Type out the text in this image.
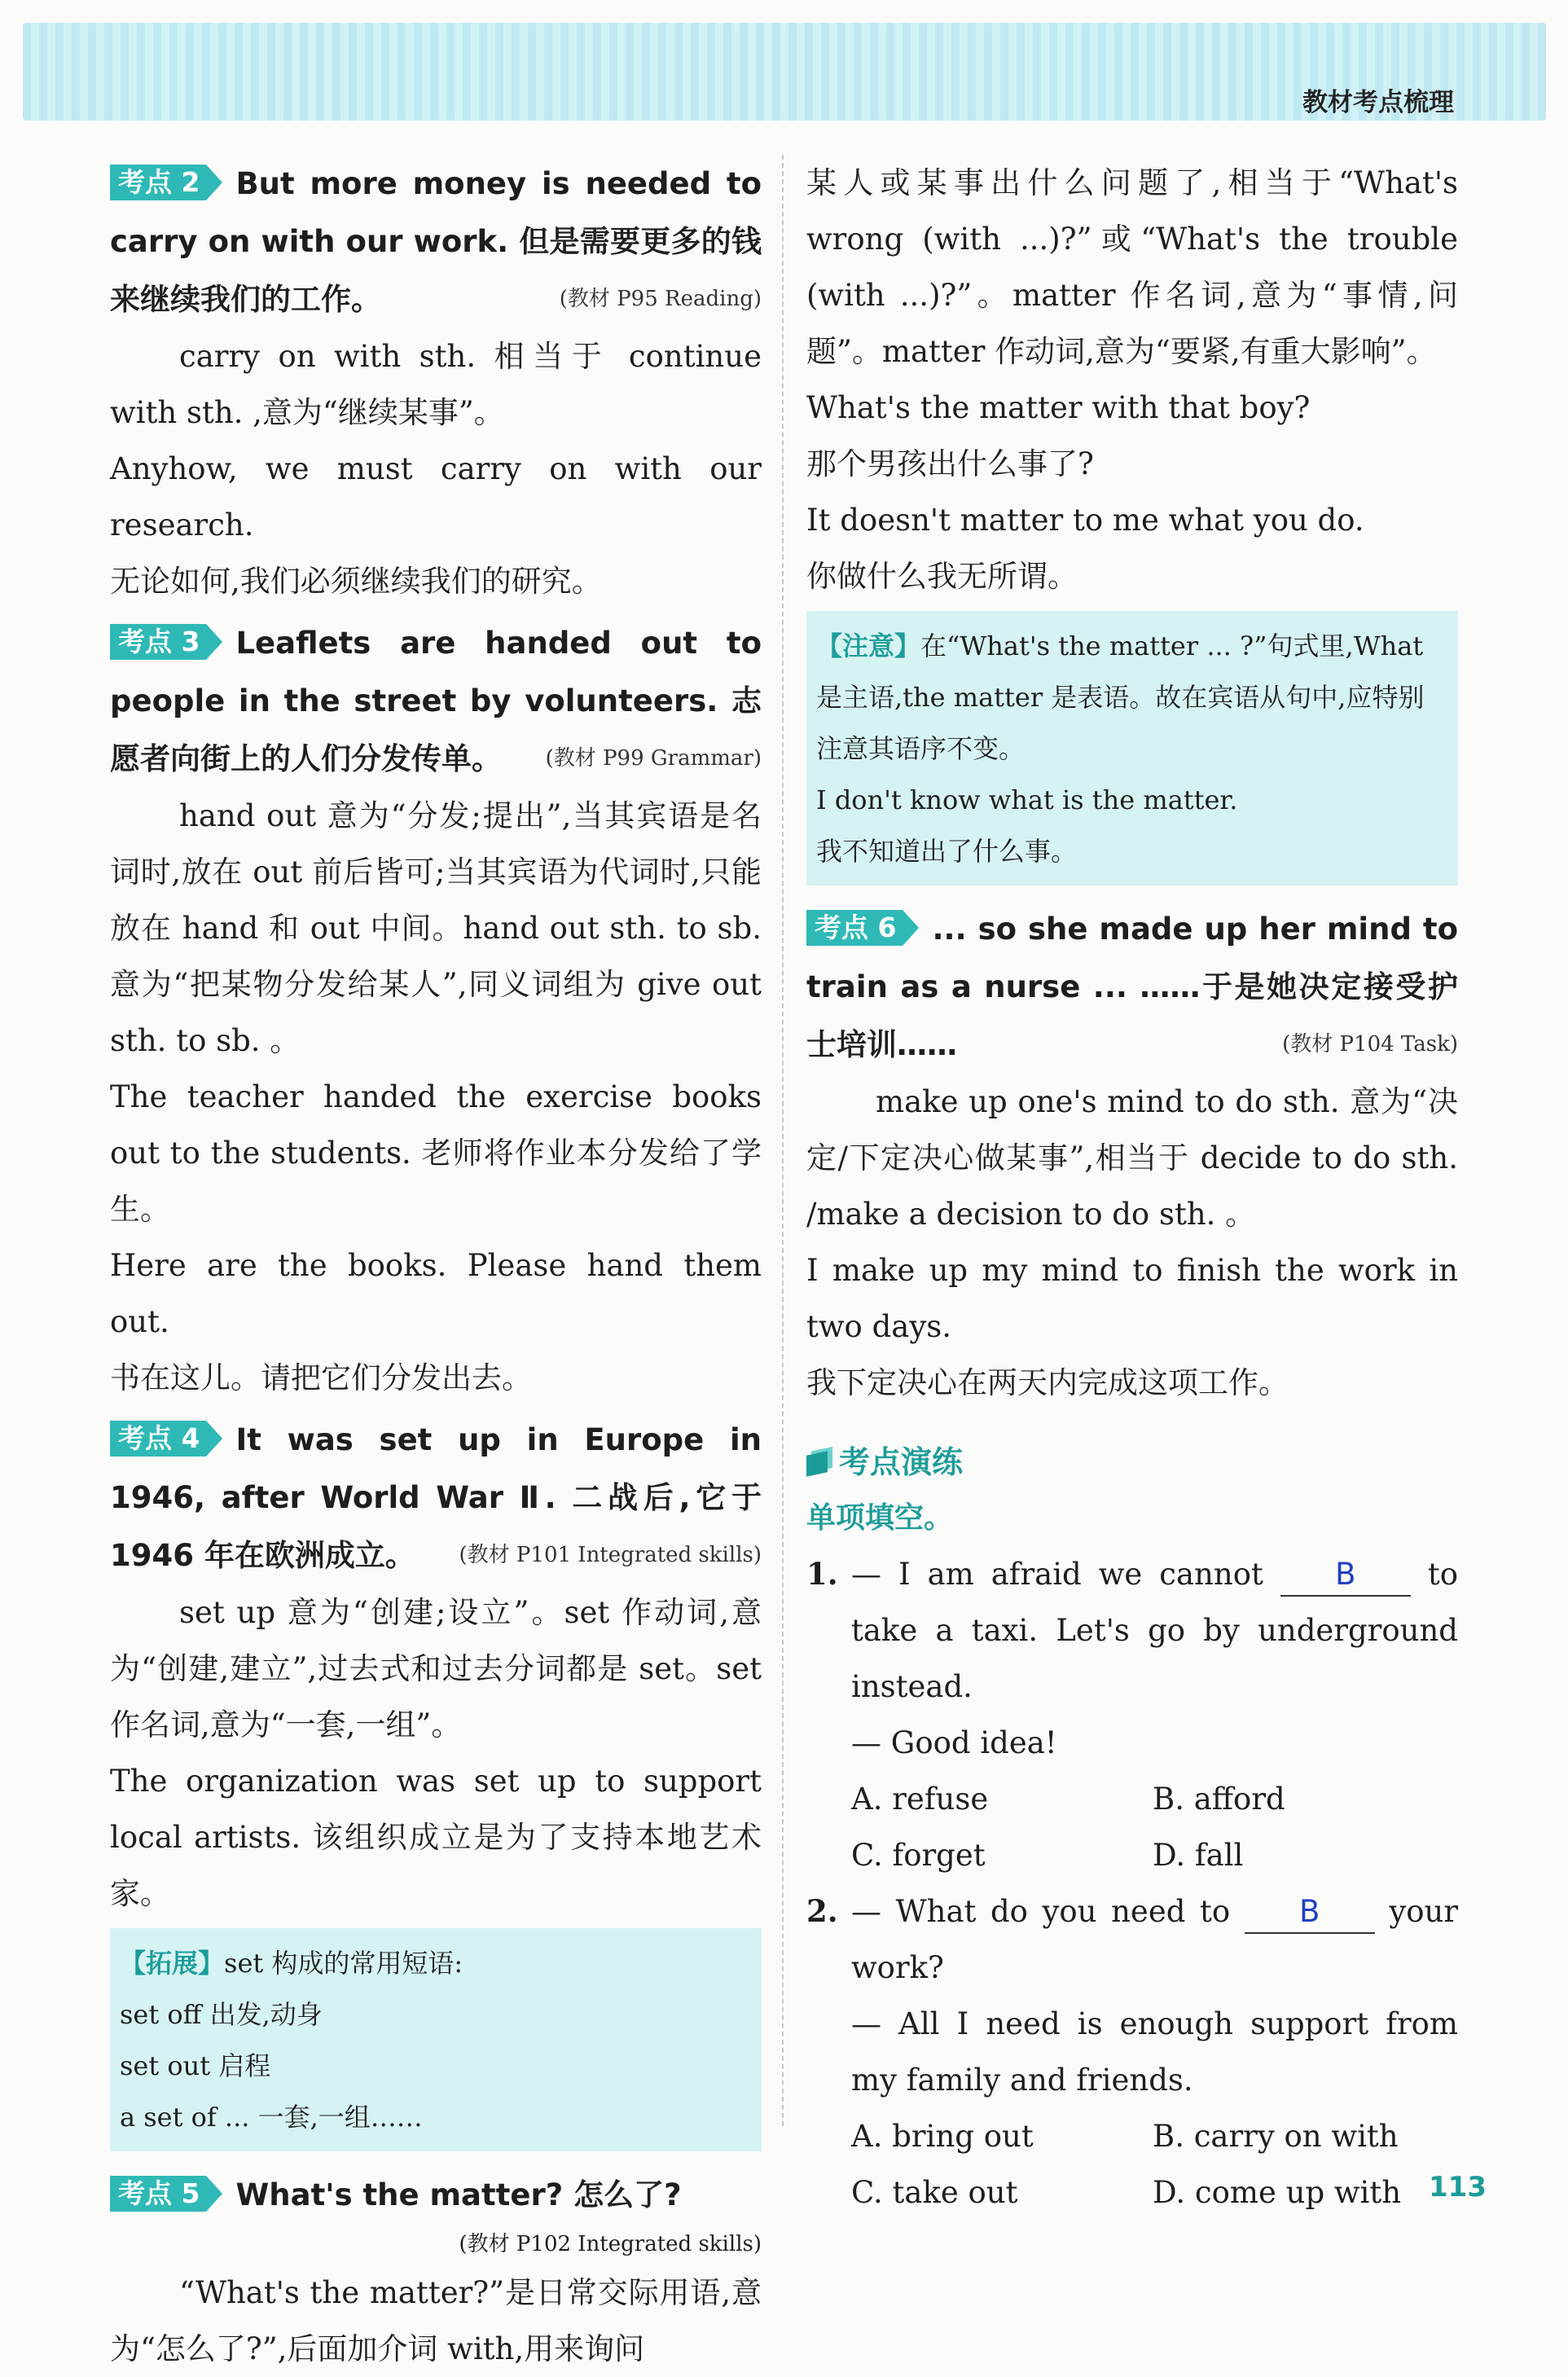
教材考点梳理

考点 2 But more money is needed to carry on with our work. 但是需要更多的钱来继续我们的工作。	(教材 P95 Reading)

carry on with sth. 相当于 continue with sth. ,意为“继续某事”。

Anyhow, we must carry on with our research.

无论如何,我们必须继续我们的研究。

考点 3 Leaflets are handed out to people in the street by volunteers. 志愿者向街上的人们分发传单。 (教材 P99 Grammar)

hand out 意为“分发;提出”,当其宾语是名词时,放在 out 前后皆可;当其宾语为代词时,只能放在 hand 和 out 中间。hand out sth. to sb. 意为“把某物分发给某人”,同义词组为 give out sth. to sb. 。

The teacher handed the exercise books out to the students. 老师将作业本分发给了学生。

Here are the books. Please hand them out.

书在这儿。请把它们分发出去。

考点 4 It was set up in Europe in 1946, after World War Ⅱ. 二战后,它于 1946 年在欧洲成立。 (教材 P101 Integrated skills)

set up 意为“创建;设立”。set 作动词,意为“创建,建立”,过去式和过去分词都是 set。set 作名词,意为“一套,一组”。

The organization was set up to support local artists. 该组织成立是为了支持本地艺术家。

【拓展】set 构成的常用短语:

set off 出发,动身

set out 启程

a set of ... 一套,一组……

考点 5 What's the matter? 怎么了?

(教材 P102 Integrated skills)

“What's the matter?”是日常交际用语,意为“怎么了?”,后面加介词 with,用来询问

某人或某事出什么问题了,相当于“What's wrong (with ...)?”或“What's the trouble (with ...)?”。matter 作名词,意为“事情,问题”。matter 作动词,意为“要紧,有重大影响”。

What's the matter with that boy?

那个男孩出什么事了?

It doesn't matter to me what you do.

你做什么我无所谓。

【注意】在“What's the matter ... ?”句式里,What 是主语,the matter 是表语。故在宾语从句中,应特别注意其语序不变。

I don't know what is the matter.

我不知道出了什么事。

考点 6 ... so she made up her mind to train as a nurse ... ……于是她决定接受护士培训……	(教材 P104 Task)

make up one's mind to do sth. 意为“决定/下定决心做某事”,相当于 decide to do sth. /make a decision to do sth. 。

I make up my mind to finish the work in two days.

我下定决心在两天内完成这项工作。

考点演练

单项填空。

1. — I am afraid we cannot B to take a taxi. Let's go by underground instead.

— Good idea!

A. refuse	B. afford
C. forget	D. fall
2. — What do you need to B your work?

— All I need is enough support from my family and friends.

A. bring out	B. carry on with
C. take out	D. come up with 113
